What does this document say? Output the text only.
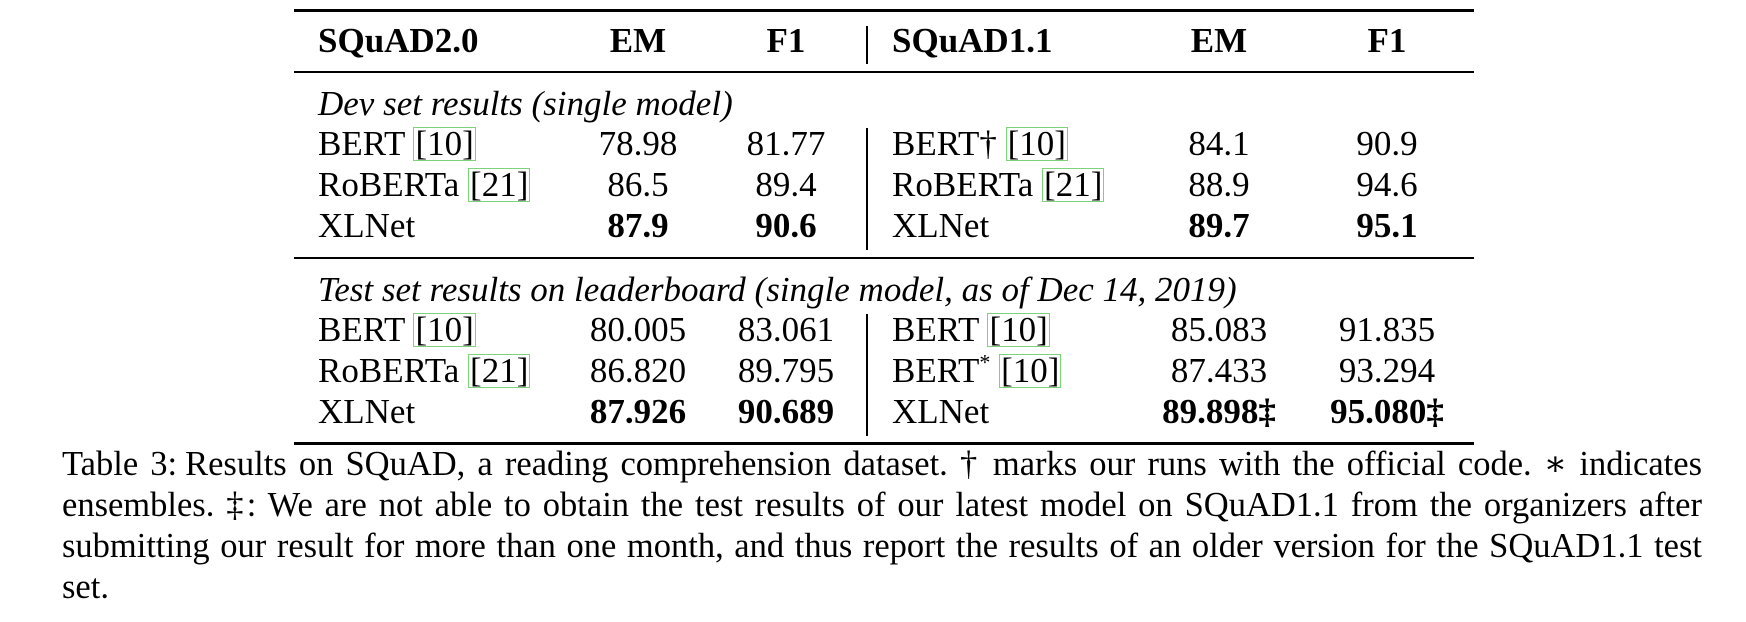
SQuAD2.0	EM	F1 SQuAD1.1	EM	F1
Dev set results (single model)
BERT [10]	78.98 81.77 BERT† [10]	84.1	90.9
RoBERTa [21] 86.5 89.4 RoBERTa [21] 88.9	94.6
XLNet	87.9 90.6 XLNet	89.7	95.1
Test set results on leaderboard (single model, as of Dec 14, 2019)
BERT [10]	80.005 83.061 BERT [10]	85.083 91.835
RoBERTa [21] 86.820 89.795 BERT* [10]	87.433 93.294
XLNet	87.926 90.689 XLNet	89.898‡ 95.080‡
Table 3: Results on SQuAD, a reading comprehension dataset. † marks our runs with the official code. ∗ indicates ensembles. ‡: We are not able to obtain the test results of our latest model on SQuAD1.1 from the organizers after submitting our result for more than one month, and thus report the results of an older version for the SQuAD1.1 test set.
